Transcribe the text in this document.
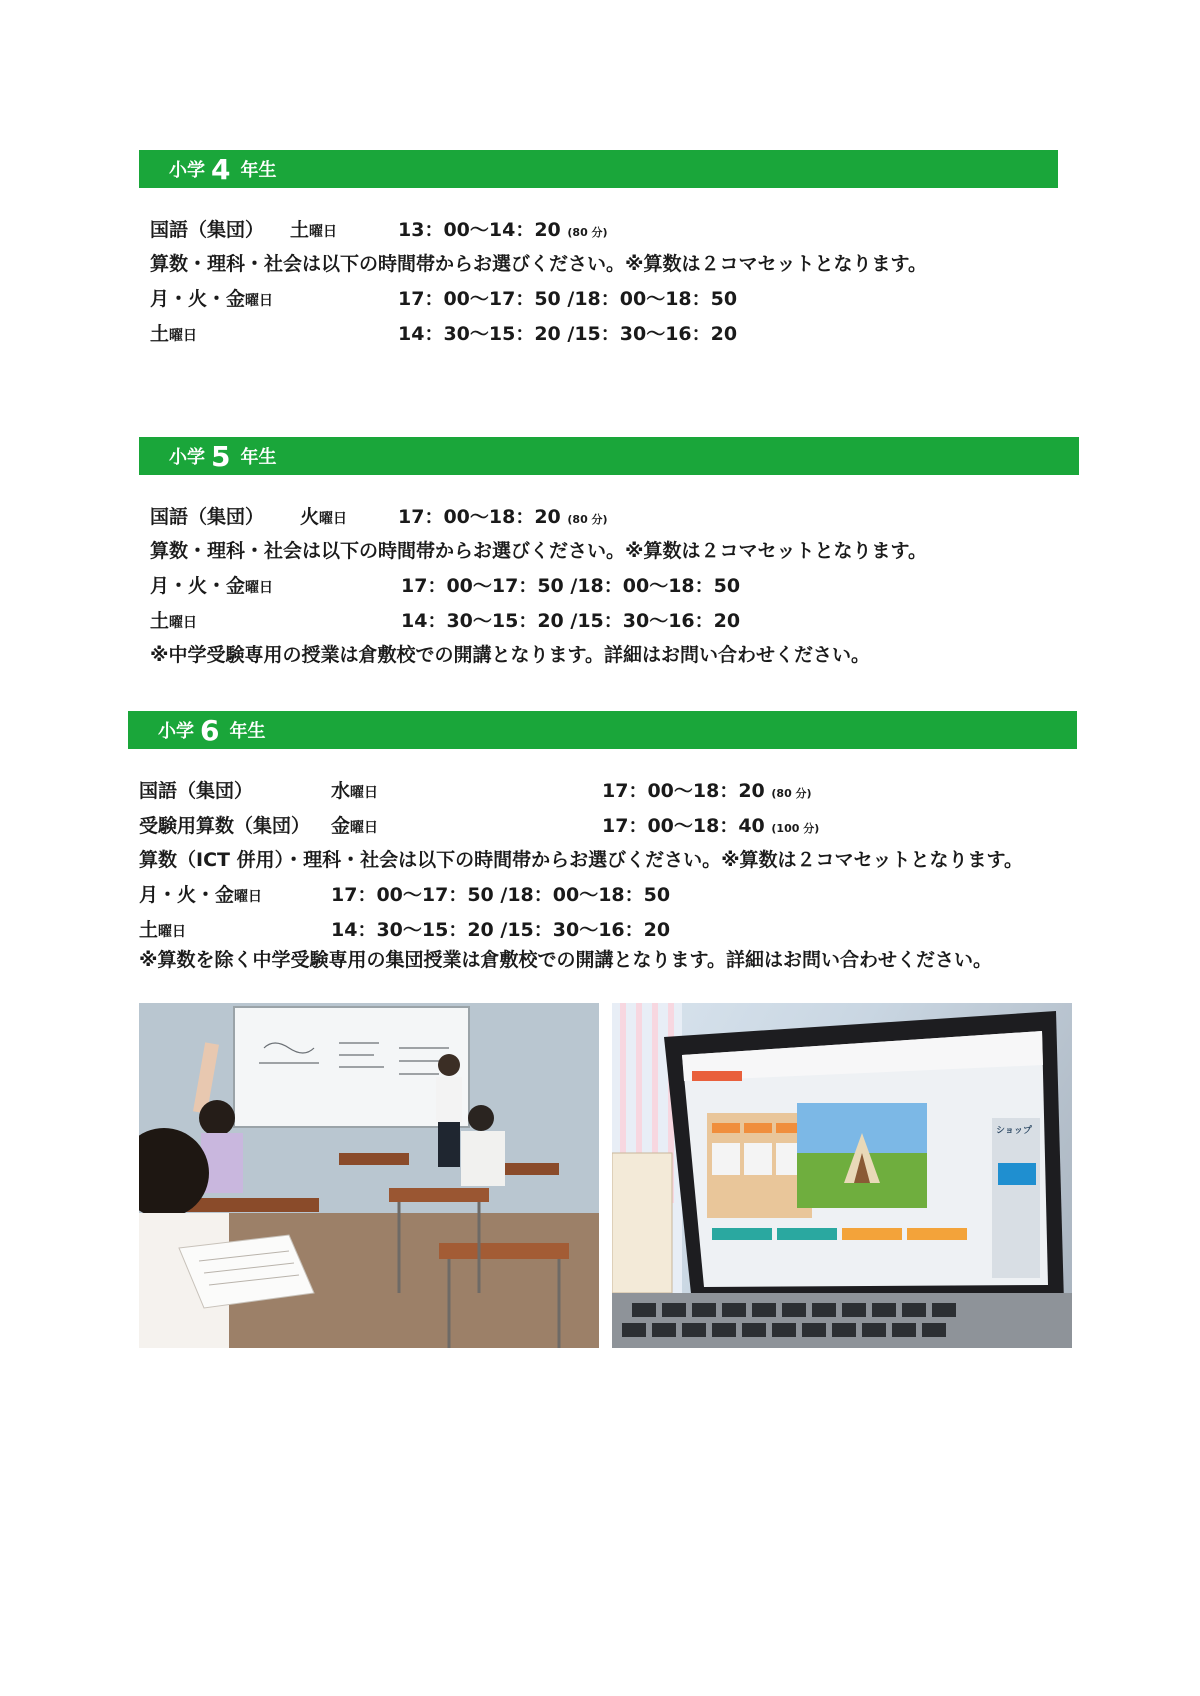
小学 4 年生
国語（集団） 土曜日	13：00～14：20 (80 分)
算数・理科・社会は以下の時間帯からお選びください。※算数は２コマセットとなります。
月・火・金曜日	17：00～17：50 /18：00～18：50
土曜日	14：30～15：20 /15：30～16：20
小学 5 年生
国語（集団） 火曜日	17：00～18：20 (80 分)
算数・理科・社会は以下の時間帯からお選びください。※算数は２コマセットとなります。
月・火・金曜日	17：00～17：50 /18：00～18：50
土曜日	14：30～15：20 /15：30～16：20
※中学受験専用の授業は倉敷校での開講となります。詳細はお問い合わせください。
小学 6 年生
国語（集団）	水曜日	17：00～18：20 (80 分)
受験用算数（集団） 金曜日	17：00～18：40 (100 分)
算数（ICT 併用）・理科・社会は以下の時間帯からお選びください。※算数は２コマセットとなります。
月・火・金曜日	17：00～17：50 /18：00～18：50
土曜日	14：30～15：20 /15：30～16：20
※算数を除く中学受験専用の集団授業は倉敷校での開講となります。詳細はお問い合わせください。
ショップ
